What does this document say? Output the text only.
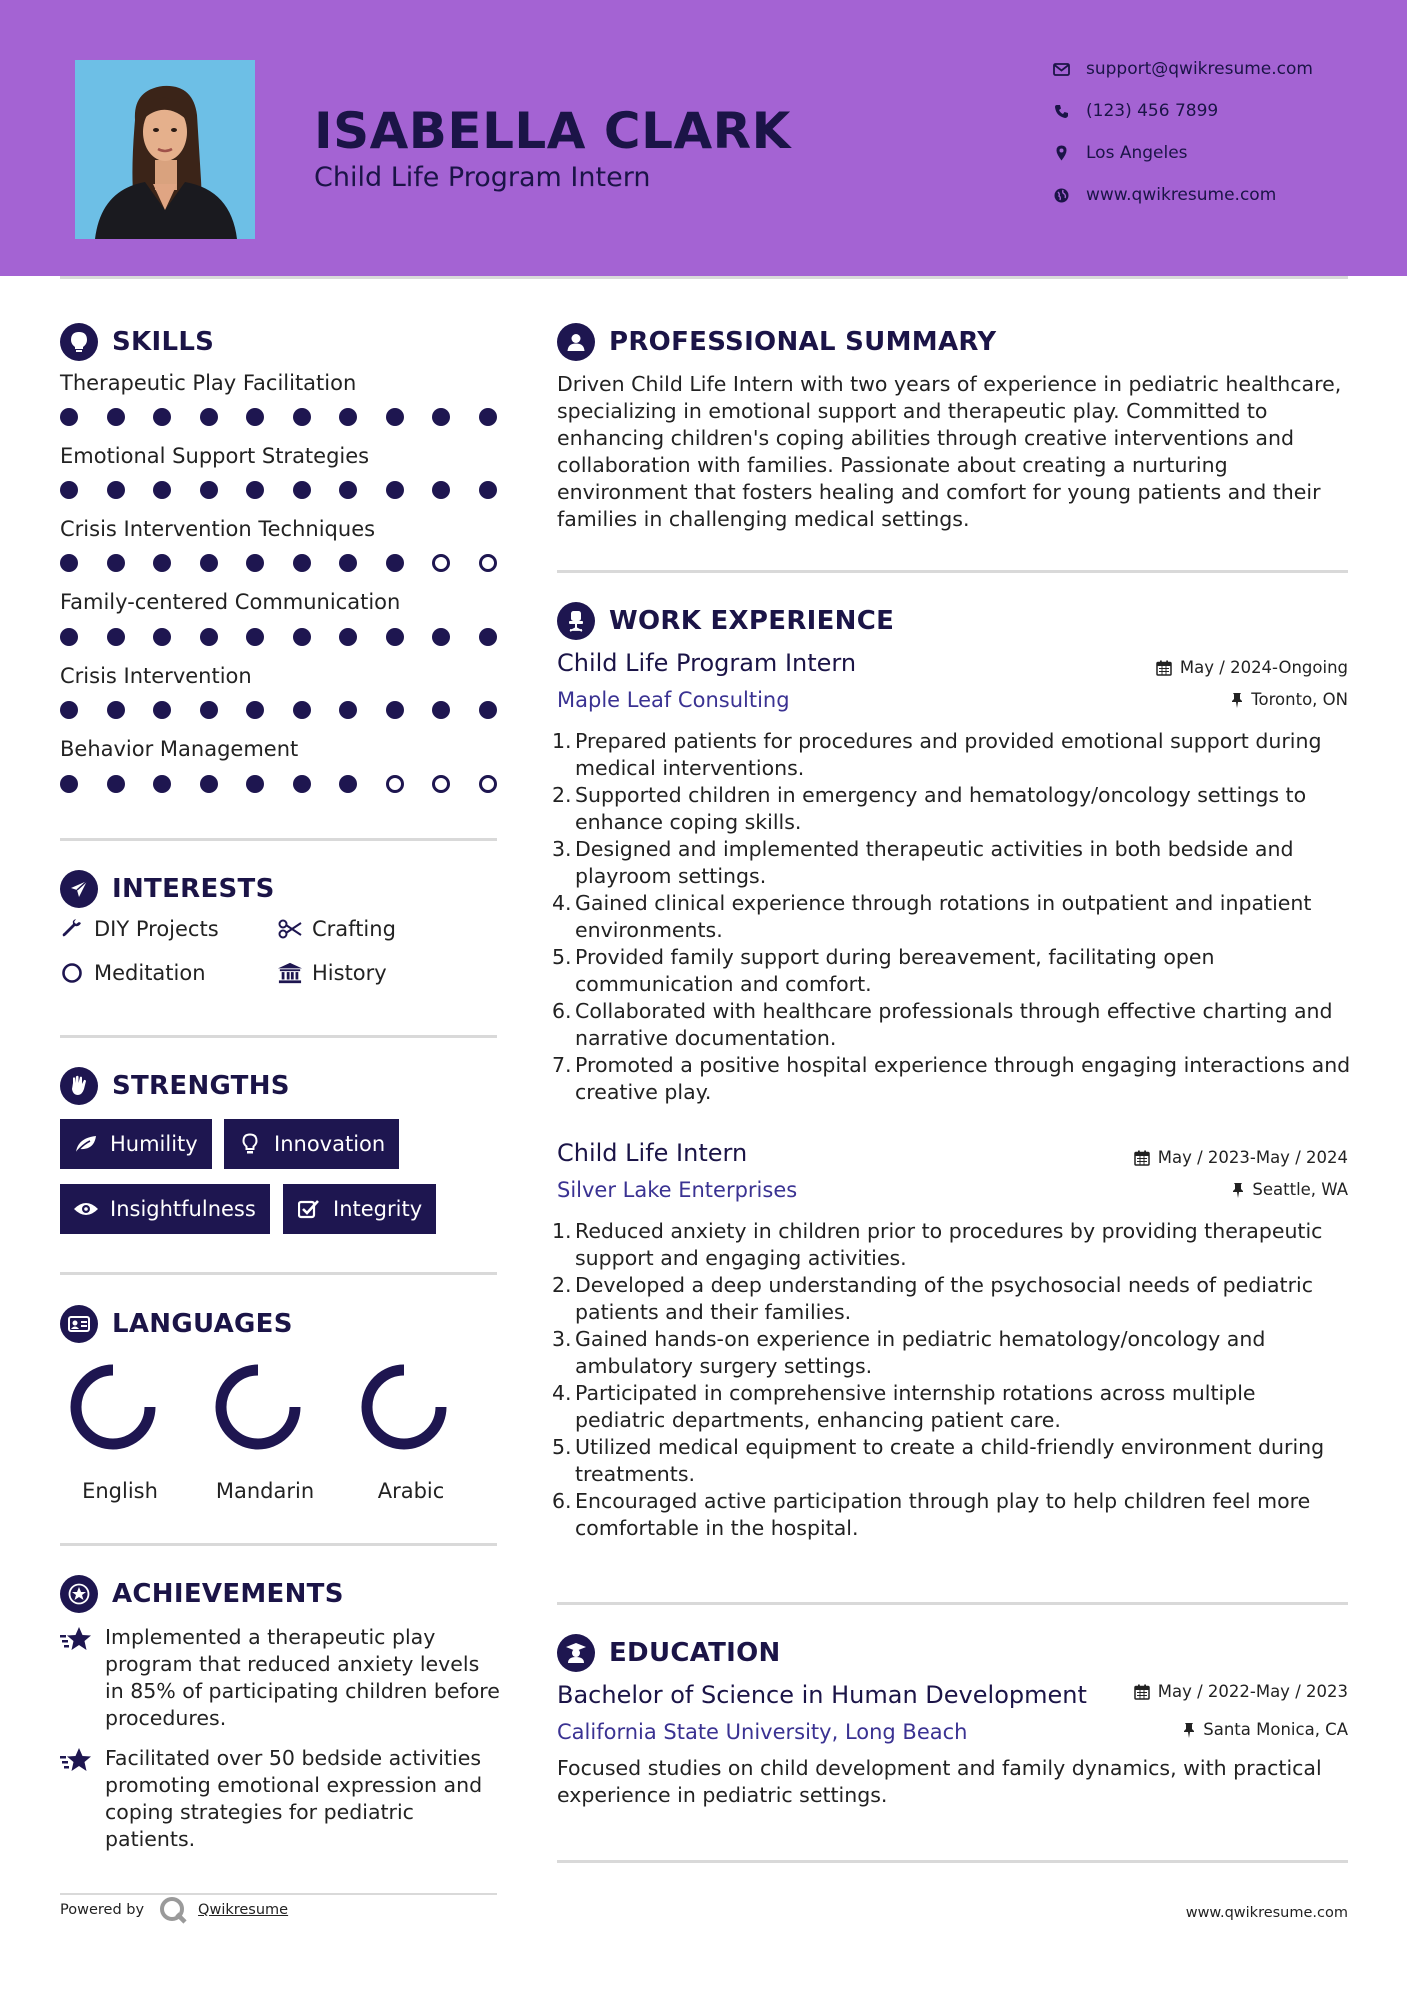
ISABELLA CLARK
Child Life Program Intern
support@qwikresume.com
(123) 456 7899
Los Angeles
www.qwikresume.com
SKILLS
Therapeutic Play Facilitation
Emotional Support Strategies
Crisis Intervention Techniques
Family-centered Communication
Crisis Intervention
Behavior Management
INTERESTS
DIY Projects	Crafting
Meditation	History
STRENGTHS
Humility	Innovation
Insightfulness	Integrity
LANGUAGES
English	Mandarin	Arabic
ACHIEVEMENTS
Implemented a therapeutic play program that reduced anxiety levels in 85% of participating children before procedures.
Facilitated over 50 bedside activities promoting emotional expression and coping strategies for pediatric patients.
PROFESSIONAL SUMMARY
Driven Child Life Intern with two years of experience in pediatric healthcare, specializing in emotional support and therapeutic play. Committed to enhancing children's coping abilities through creative interventions and collaboration with families. Passionate about creating a nurturing environment that fosters healing and comfort for young patients and their families in challenging medical settings.
WORK EXPERIENCE
Child Life Program Intern
Maple Leaf Consulting
May / 2024-Ongoing
Toronto, ON
Prepared patients for procedures and provided emotional support during medical interventions.
Supported children in emergency and hematology/oncology settings to enhance coping skills.
Designed and implemented therapeutic activities in both bedside and playroom settings.
Gained clinical experience through rotations in outpatient and inpatient environments.
Provided family support during bereavement, facilitating open communication and comfort.
Collaborated with healthcare professionals through effective charting and narrative documentation.
Promoted a positive hospital experience through engaging interactions and creative play.
Child Life Intern
Silver Lake Enterprises
May / 2023-May / 2024
Seattle, WA
Reduced anxiety in children prior to procedures by providing therapeutic support and engaging activities.
Developed a deep understanding of the psychosocial needs of pediatric patients and their families.
Gained hands-on experience in pediatric hematology/oncology and ambulatory surgery settings.
Participated in comprehensive internship rotations across multiple pediatric departments, enhancing patient care.
Utilized medical equipment to create a child-friendly environment during treatments.
Encouraged active participation through play to help children feel more comfortable in the hospital.
EDUCATION
Bachelor of Science in Human Development
California State University, Long Beach
May / 2022-May / 2023
Santa Monica, CA
Focused studies on child development and family dynamics, with practical experience in pediatric settings.
Powered by	Qwikresume	www.qwikresume.com
